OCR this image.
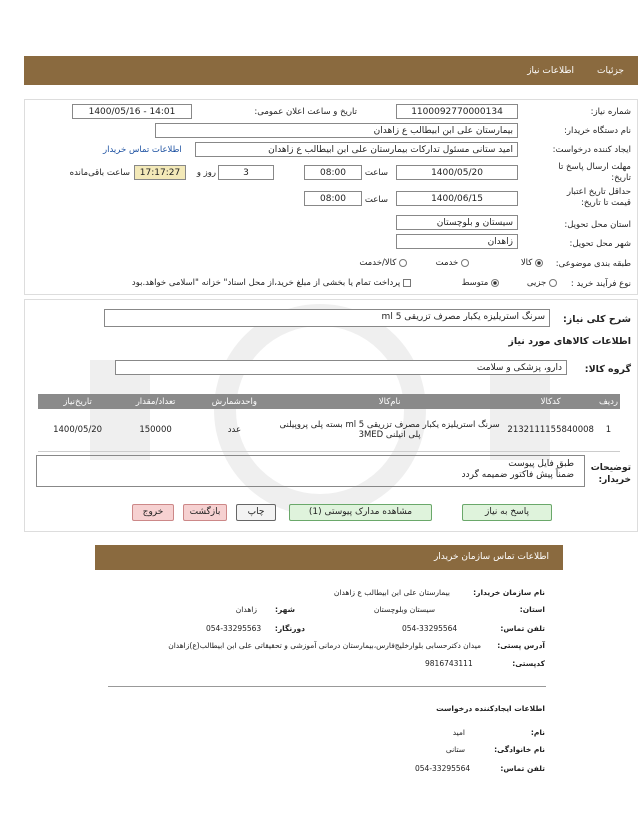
جزئیات
اطلاعات نیاز
شماره نیاز:
1100092770000134
تاریخ و ساعت اعلان عمومی:
1400/05/16 - 14:01
نام دستگاه خریدار:
بیمارستان علی ابن ابیطالب ع زاهدان
ایجاد کننده درخواست:
امید ستانی مسئول تدارکات بیمارستان علی ابن ابیطالب ع زاهدان
اطلاعات تماس خریدار
مهلت ارسال پاسخ تا تاریخ:
1400/05/20
ساعت
08:00
3
روز و
17:17:27
ساعت باقی‌مانده
حداقل تاریخ اعتبار قیمت تا تاریخ:
1400/06/15
ساعت
08:00
استان محل تحویل:
سیستان و بلوچستان
شهر محل تحویل:
زاهدان
طبقه بندی موضوعی:
کالا
خدمت
کالا/خدمت
نوع فرآیند خرید :
جزیی
متوسط
پرداخت تمام یا بخشی از مبلغ خرید،از محل اسناد" خزانه "اسلامی خواهد.بود
شرح کلی نیاز:
سرنگ استریلیزه یکبار مصرف تزریقی 5 ml
اطلاعات کالاهای مورد نیاز
گروه کالا:
دارو، پزشکی و سلامت
ردیف	کدکالا	نام‌کالا	واحدشمارش	تعداد/مقدار	تاریخ‌نیاز
1	2132111155840008	سرنگ استریلیزه یکبار مصرف تزریقی 5 ml بسته پلی پروپیلنی پلی اتیلنی 3MED	عدد	150000	1400/05/20
توضیحات خریدار:
طبق فایل پیوست
ضمناً پیش فاکتور ضمیمه گردد
پاسخ به نیاز
مشاهده مدارک پیوستی (1)
چاپ
بازگشت
خروج
اطلاعات تماس سازمان خریدار
نام سازمان خریدار:
بیمارستان علی ابن ابیطالب ع زاهدان
استان:
سیستان وبلوچستان
شهر:
زاهدان
تلفن تماس:
054-33295564
دورنگار:
054-33295563
آدرس پستی:
میدان دکترحسابی بلوارخلیج‌فارس،بیمارستان درمانی آموزشی و تحقیقاتی علی ابن ابیطالب(ع)زاهدان
کدپستی:
9816743111
اطلاعات ایجادکننده درخواست
نام:
امید
نام خانوادگی:
ستانی
تلفن تماس:
054-33295564
